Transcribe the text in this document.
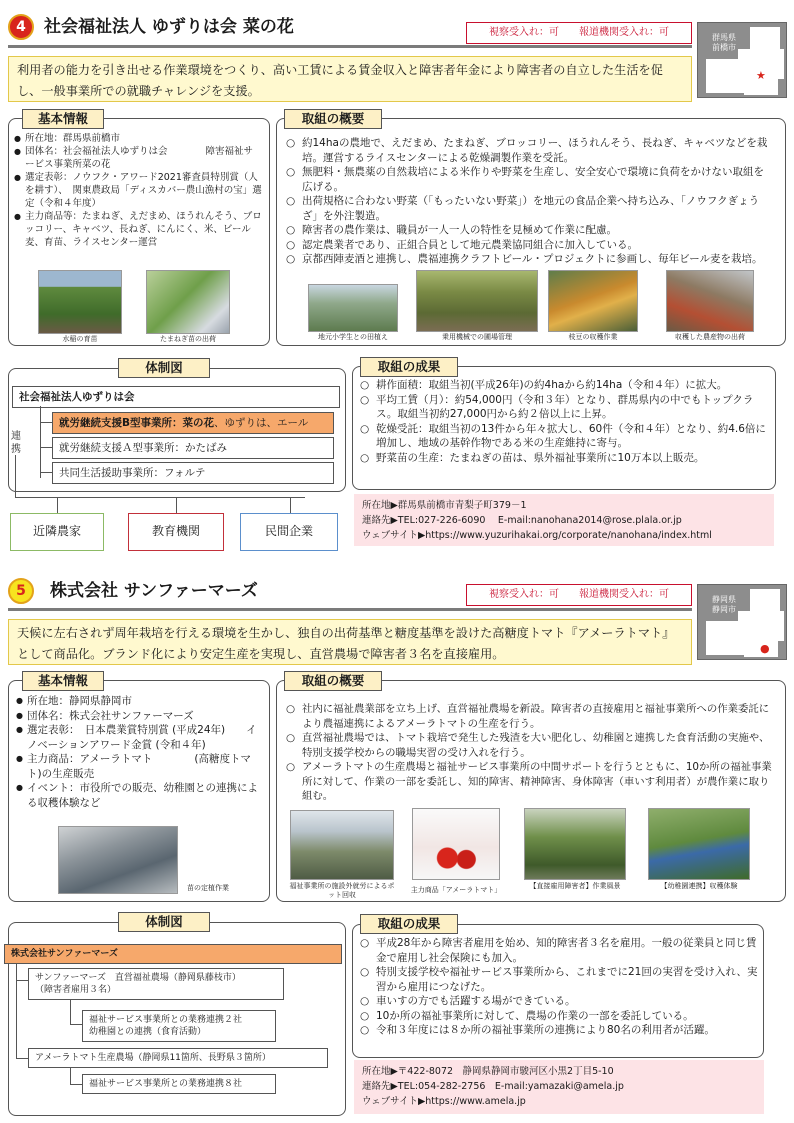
4	社会福祉法人 ゆずりは会 菜の花	視察受入れ：可　　報道機関受入れ：可	群馬県
前橋市
★
利用者の能力を引き出せる作業環境をつくり、高い工賃による賃金収入と障害者年金により障害者の自立した生活を促し、一般事業所での就職チャレンジを支援。
基本情報
● 所在地：群馬県前橋市
● 団体名：社会福祉法人ゆずりは会　　　　障害福祉サービス事業所菜の花
● 選定表彰：ノウフク・アワード2021審査員特別賞（人を耕す）、　関東農政局「ディスカバー農山漁村の宝」選定（令和４年度）
● 主力商品等：たまねぎ、えだまめ、ほうれんそう、ブロッコリー、キャベツ、長ねぎ、にんにく、米、ビール麦、育苗、ライスセンター運営
水稲の育苗	たまねぎ苗の出荷
取組の概要
○ 約14haの農地で、えだまめ、たまねぎ、ブロッコリー、ほうれんそう、長ねぎ、キャベツなどを栽培。運営するライスセンターによる乾燥調製作業を受託。
○ 無肥料・無農薬の自然栽培による米作りや野菜を生産し、安全安心で環境に負荷をかけない取組を広げる。
○ 出荷規格に合わない野菜（「もったいない野菜」）を地元の食品企業へ持ち込み、「ノウフクぎょうざ」を外注製造。
○ 障害者の農作業は、職員が一人一人の特性を見極めて作業に配慮。
○ 認定農業者であり、正組合員として地元農業協同組合に加入している。
○ 京都西陣麦酒と連携し、農福連携クラフトビール・プロジェクトに参画し、毎年ビール麦を栽培。
地元小学生との田植え	乗用機械での圃場管理	枝豆の収穫作業	収穫した農産物の出荷
体制図
社会福祉法人ゆずりは会
就労継続支援B型事業所：菜の花、ゆずりは、エール
就労継続支援Ａ型事業所：かたばみ
共同生活援助事業所：フォルテ
連携
近隣農家	教育機関	民間企業
取組の成果
○ 耕作面積：取組当初(平成26年)の約4haから約14ha（令和４年）に拡大。
○ 平均工賃（月）：約54,000円（令和３年）となり、群馬県内の中でもトップクラス。取組当初約27,000円から約２倍以上に上昇。
○ 乾燥受託：取組当初の13件から年々拡大し、60件（令和４年）となり、約4.6倍に増加し、地域の基幹作物である米の生産維持に寄与。
○ 野菜苗の生産：たまねぎの苗は、県外福祉事業所に10万本以上販売。
所在地▶群馬県前橋市青梨子町379－1
連絡先▶TEL:027-226-6090　 E-mail:nanohana2014@rose.plala.or.jp
ウェブサイト▶https://www.yuzurihakai.org/corporate/nanohana/index.html
5	株式会社 サンファーマーズ	視察受入れ：可　　報道機関受入れ：可	静岡県
静岡市
●
天候に左右されず周年栽培を行える環境を生かし、独自の出荷基準と糖度基準を設けた高糖度トマト『アメーラトマト』として商品化。ブランド化により安定生産を実現し、直営農場で障害者３名を直接雇用。
基本情報
● 所在地：静岡県静岡市
● 団体名：株式会社サンファーマーズ
● 選定表彰：　日本農業賞特別賞 (平成24年)　　イノベーションアワード金賞 (令和４年)
● 主力商品：アメーラトマト　　　　(高糖度トマト)の生産販売
● イベント：市役所での販売、幼稚園との連携による収穫体験など
苗の定植作業
取組の概要
○ 社内に福祉農業部を立ち上げ、直営福祉農場を新設。障害者の直接雇用と福祉事業所への作業委託により農福連携によるアメーラトマトの生産を行う。
○ 直営福祉農場では、トマト栽培で発生した残渣を大い肥化し、幼稚園と連携した食育活動の実施や、特別支援学校からの職場実習の受け入れを行う。
○ アメーラトマトの生産農場と福祉サービス事業所の中間サポートを行うとともに、10か所の福祉事業所に対して、作業の一部を委託し、知的障害、精神障害、身体障害（車いす利用者）が農作業に取り組む。
福祉事業所の施設外就労によるポット回収
主力商品「アメーラトマト」	【直接雇用障害者】作業風景	【幼稚園連携】収穫体験
体制図
株式会社サンファーマーズ
サンファーマーズ　直営福祉農場（静岡県藤枝市）
（障害者雇用３名）
福祉サービス事業所との業務連携２社
幼稚園との連携（食育活動）
アメーラトマト生産農場（静岡県11箇所、長野県３箇所）
福祉サービス事業所との業務連携８社
取組の成果
○ 平成28年から障害者雇用を始め、知的障害者３名を雇用。一般の従業員と同じ賃金で雇用し社会保険にも加入。
○ 特別支援学校や福祉サービス事業所から、これまでに21回の実習を受け入れ、実習から雇用につなげた。
○ 車いすの方でも活躍する場ができている。
○ 10か所の福祉事業所に対して、農場の作業の一部を委託している。
○ 令和３年度には８か所の福祉事業所の連携により80名の利用者が活躍。
所在地▶〒422-8072　静岡県静岡市駿河区小黒2丁目5-10
連絡先▶TEL:054-282-2756　E-mail:yamazaki@amela.jp
ウェブサイト▶https://www.amela.jp
